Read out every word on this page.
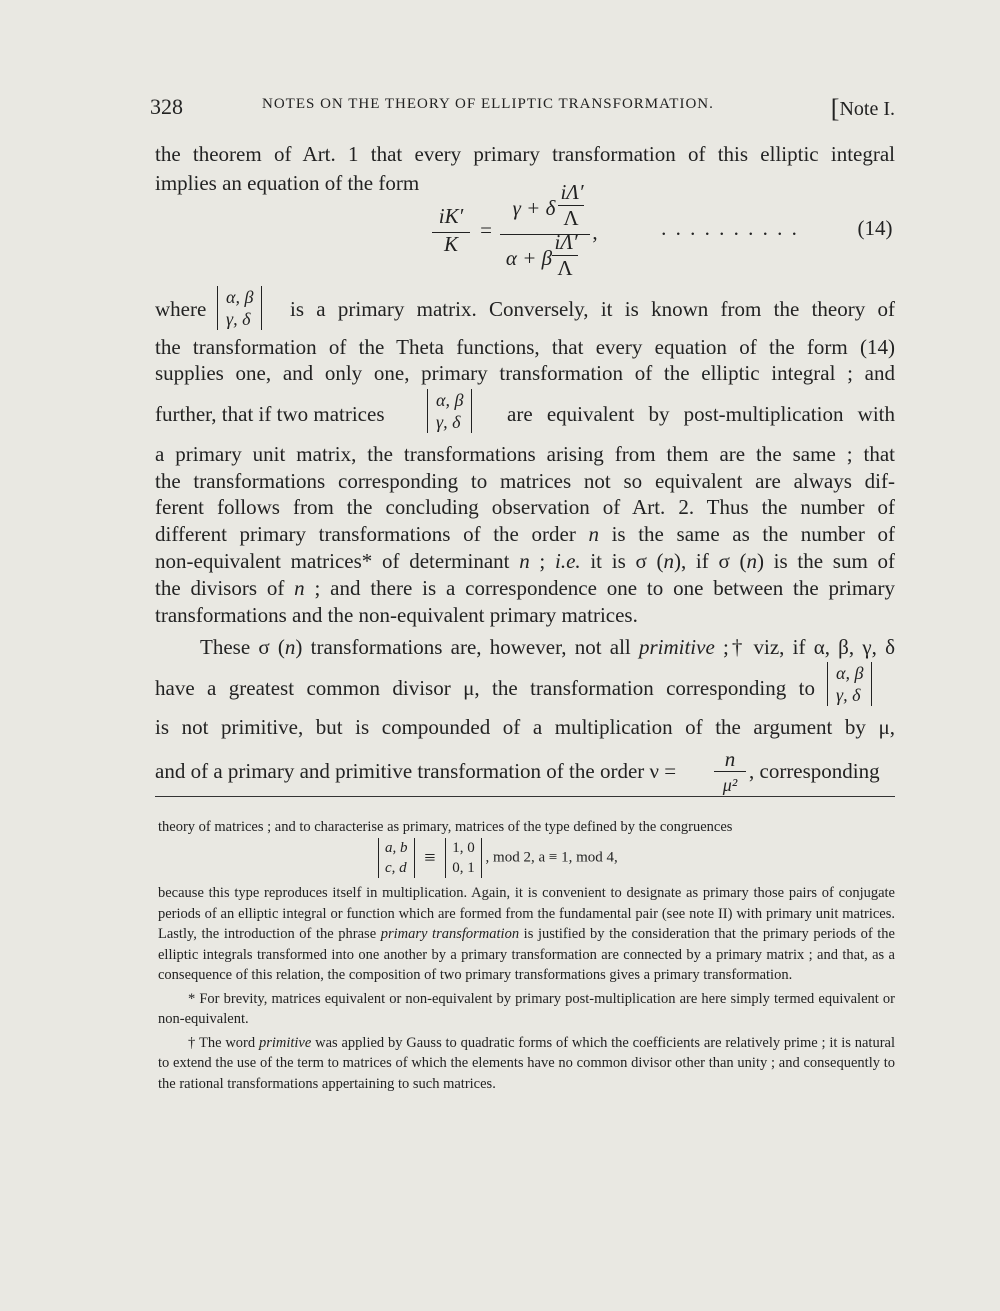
328	NOTES ON THE THEORY OF ELLIPTIC TRANSFORMATION.	[Note I.
the theorem of Art. 1 that every primary transformation of this elliptic integral
implies an equation of the form
iK′
K
=
γ + δ
iΛ′
Λ
,
α + β
iΛ′
Λ
. . . . . . . . . .	(14)
where	α, β
γ, δ	is a primary matrix. Conversely, it is known from the theory of
the transformation of the Theta functions, that every equation of the form (14)
supplies one, and only one, primary transformation of the elliptic integral ; and
further, that if two matrices
α, β
γ, δ	are equivalent by post-multiplication with
a primary unit matrix, the transformations arising from them are the same ; that
the transformations corresponding to matrices not so equivalent are always dif-
ferent follows from the concluding observation of Art. 2. Thus the number of
different primary transformations of the order n is the same as the number of
non-equivalent matrices* of determinant n ; i.e. it is σ (n), if σ (n) is the sum of
the divisors of n ; and there is a correspondence one to one between the primary
transformations and the non-equivalent primary matrices.
These σ (n) transformations are, however, not all primitive ;† viz, if α, β, γ, δ
have a greatest common divisor μ, the transformation corresponding to
α, β
γ, δ
is not primitive, but is compounded of a multiplication of the argument by μ,
and of a primary and primitive transformation of the order ν =	n
μ²
, corresponding
theory of matrices ; and to characterise as primary, matrices of the type defined by the congruences
a, b
c, d ≡ 1, 0
0, 1 , mod 2, a ≡ 1, mod 4,

because this type reproduces itself in multiplication. Again, it is convenient to designate as primary those pairs of conjugate periods of an elliptic integral or function which are formed from the fundamental pair (see note II) with primary unit matrices. Lastly, the introduction of the phrase primary transformation is justified by the consideration that the primary periods of the elliptic integrals transformed into one another by a primary transformation are connected by a primary matrix ; and that, as a consequence of this relation, the composition of two primary transformations gives a primary transformation.

* For brevity, matrices equivalent or non-equivalent by primary post-multiplication are here simply termed equivalent or non-equivalent.

† The word primitive was applied by Gauss to quadratic forms of which the coefficients are relatively prime ; it is natural to extend the use of the term to matrices of which the elements have no common divisor other than unity ; and consequently to the rational transformations appertaining to such matrices.
